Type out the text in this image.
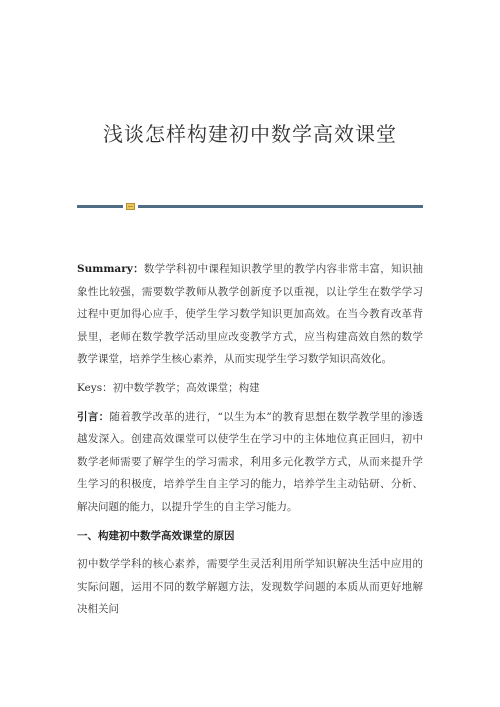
浅谈怎样构建初中数学高效课堂

Summary：数学学科初中课程知识教学里的教学内容非常丰富，知识抽象性比较强，需要数学教师从教学创新度予以重视，以让学生在数学学习过程中更加得心应手，使学生学习数学知识更加高效。在当今教育改革背景里，老师在数学教学活动里应改变教学方式，应当构建高效自然的数学教学课堂，培养学生核心素养，从而实现学生学习数学知识高效化。

Keys：初中数学教学；高效课堂；构建

引言：随着教学改革的进行，“以生为本”的教育思想在数学教学里的渗透越发深入。创建高效课堂可以使学生在学习中的主体地位真正回归，初中数学老师需要了解学生的学习需求，利用多元化教学方式，从而来提升学生学习的积极度，培养学生自主学习的能力，培养学生主动钻研、分析、解决问题的能力，以提升学生的自主学习能力。

一、构建初中数学高效课堂的原因

初中数学学科的核心素养，需要学生灵活利用所学知识解决生活中应用的实际问题，运用不同的数学解题方法，发现数学问题的本质从而更好地解决相关问
